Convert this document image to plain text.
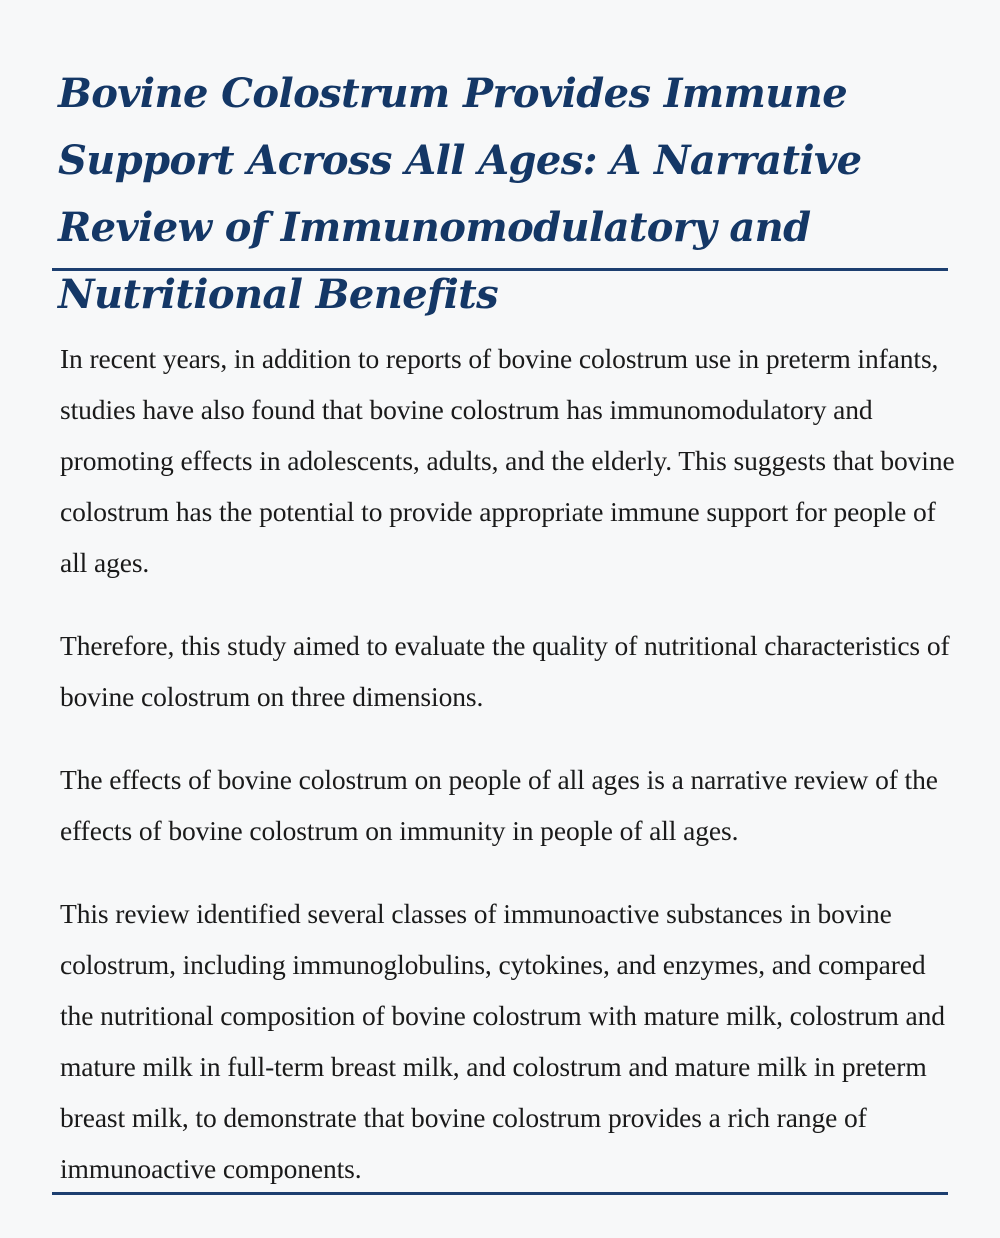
Bovine Colostrum Provides Immune Support Across All Ages: A Narrative Review of Immunomodulatory and Nutritional Benefits

In recent years, in addition to reports of bovine colostrum use in preterm infants, studies have also found that bovine colostrum has immunomodulatory and promoting effects in adolescents, adults, and the elderly. This suggests that bovine colostrum has the potential to provide appropriate immune support for people of all ages.

Therefore, this study aimed to evaluate the quality of nutritional characteristics of bovine colostrum on three dimensions.

The effects of bovine colostrum on people of all ages is a narrative review of the effects of bovine colostrum on immunity in people of all ages.

This review identified several classes of immunoactive substances in bovine colostrum, including immunoglobulins, cytokines, and enzymes, and compared the nutritional composition of bovine colostrum with mature milk, colostrum and mature milk in full-term breast milk, and colostrum and mature milk in preterm breast milk, to demonstrate that bovine colostrum provides a rich range of immunoactive components.
